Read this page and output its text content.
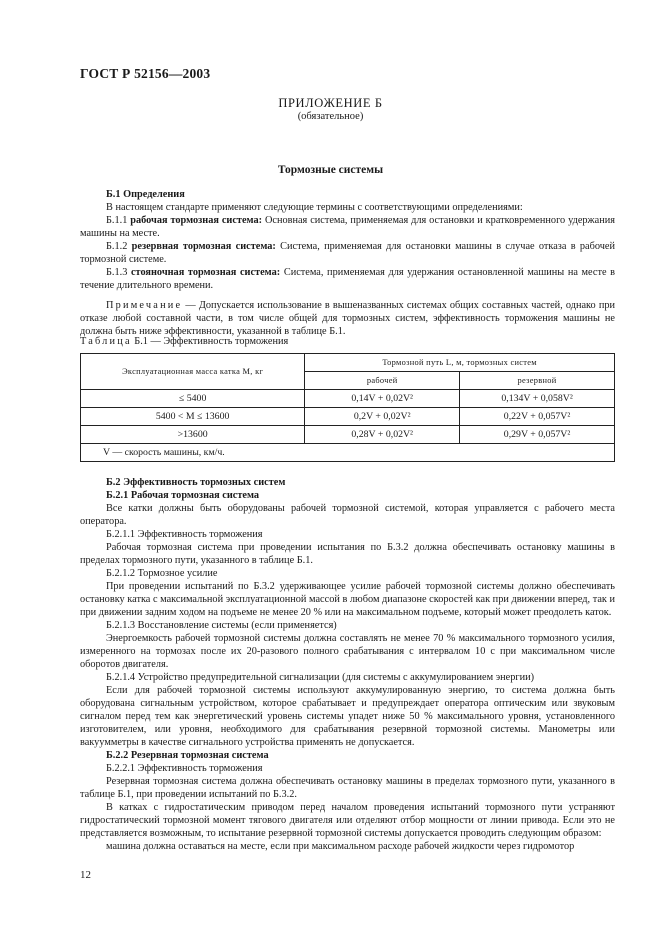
ГОСТ Р 52156—2003
ПРИЛОЖЕНИЕ Б
(обязательное)
Тормозные системы

Б.1 Определения

В настоящем стандарте применяют следующие термины с соответствующими определениями:

Б.1.1 рабочая тормозная система: Основная система, применяемая для остановки и кратковременного удержания машины на месте.

Б.1.2 резервная тормозная система: Система, применяемая для остановки машины в случае отказа в рабочей тормозной системе.

Б.1.3 стояночная тормозная система: Система, применяемая для удержания остановленной машины на месте в течение длительного времени.

Примечание — Допускается использование в вышеназванных системах общих составных частей, однако при отказе любой составной части, в том числе общей для тормозных систем, эффективность торможения машины не должна быть ниже эффективности, указанной в таблице Б.1.

Таблица Б.1 — Эффективность торможения
Эксплуатационная масса катка M, кг	Тормозной путь L, м, тормозных систем	
	рабочей	резервной
≤ 5400	0,14V + 0,02V²	0,134V + 0,058V²
5400 < M ≤ 13600	0,2V + 0,02V²	0,22V + 0,057V²
>13600	0,28V + 0,02V²	0,29V + 0,057V²
V — скорость машины, км/ч.		

Б.2 Эффективность тормозных систем

Б.2.1 Рабочая тормозная система

Все катки должны быть оборудованы рабочей тормозной системой, которая управляется с рабочего места оператора.

Б.2.1.1 Эффективность торможения

Рабочая тормозная система при проведении испытания по Б.3.2 должна обеспечивать остановку машины в пределах тормозного пути, указанного в таблице Б.1.

Б.2.1.2 Тормозное усилие

При проведении испытаний по Б.3.2 удерживающее усилие рабочей тормозной системы должно обеспечивать остановку катка с максимальной эксплуатационной массой в любом диапазоне скоростей как при движении вперед, так и при движении задним ходом на подъеме не менее 20 % или на максимальном подъеме, который может преодолеть каток.

Б.2.1.3 Восстановление системы (если применяется)

Энергоемкость рабочей тормозной системы должна составлять не менее 70 % максимального тормозного усилия, измеренного на тормозах после их 20-разового полного срабатывания с интервалом 10 с при максимальном числе оборотов двигателя.

Б.2.1.4 Устройство предупредительной сигнализации (для системы с аккумулированием энергии)

Если для рабочей тормозной системы используют аккумулированную энергию, то система должна быть оборудована сигнальным устройством, которое срабатывает и предупреждает оператора оптическим или звуковым сигналом перед тем как энергетический уровень системы упадет ниже 50 % максимального уровня, установленного изготовителем, или уровня, необходимого для срабатывания резервной тормозной системы. Манометры или вакуумметры в качестве сигнального устройства применять не допускается.

Б.2.2 Резервная тормозная система

Б.2.2.1 Эффективность торможения

Резервная тормозная система должна обеспечивать остановку машины в пределах тормозного пути, указанного в таблице Б.1, при проведении испытаний по Б.3.2.

В катках с гидростатическим приводом перед началом проведения испытаний тормозного пути устраняют гидростатический тормозной момент тягового двигателя или отделяют отбор мощности от линии привода. Если это не представляется возможным, то испытание резервной тормозной системы допускается проводить следующим образом:

машина должна оставаться на месте, если при максимальном расходе рабочей жидкости через гидромотор

12
